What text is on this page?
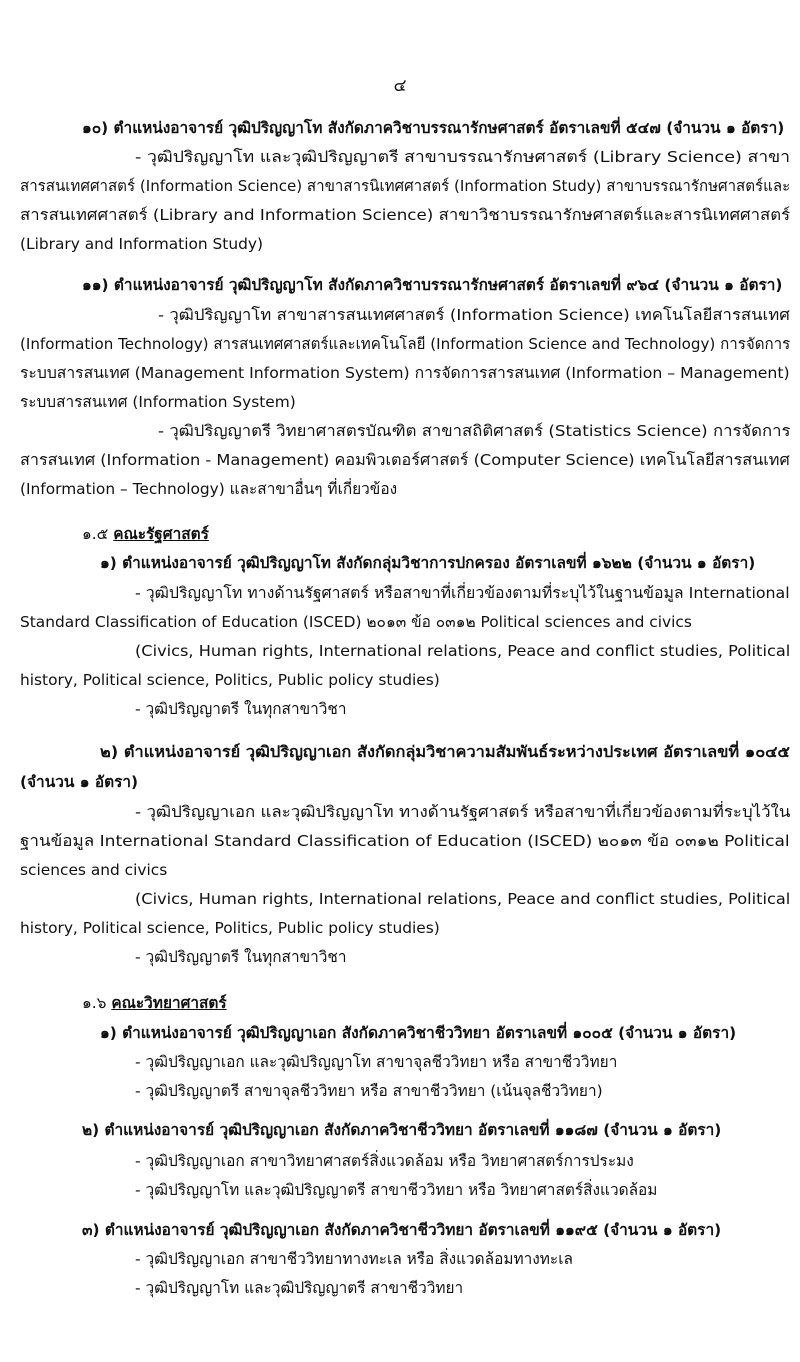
๔
๑๐) ตำแหน่งอาจารย์ วุฒิปริญญาโท สังกัดภาควิชาบรรณารักษศาสตร์ อัตราเลขที่ ๕๔๗ (จำนวน ๑ อัตรา)
- วุฒิปริญญาโท และวุฒิปริญญาตรี สาขาบรรณารักษศาสตร์ (Library Science) สาขา
สารสนเทศศาสตร์ (Information Science) สาขาสารนิเทศศาสตร์ (Information Study) สาขาบรรณารักษศาสตร์และ
สารสนเทศศาสตร์ (Library and Information Science) สาขาวิชาบรรณารักษศาสตร์และสารนิเทศศาสตร์
(Library and Information Study)
๑๑) ตำแหน่งอาจารย์ วุฒิปริญญาโท สังกัดภาควิชาบรรณารักษศาสตร์ อัตราเลขที่ ๙๖๔ (จำนวน ๑ อัตรา)
- วุฒิปริญญาโท สาขาสารสนเทศศาสตร์ (Information Science) เทคโนโลยีสารสนเทศ
(Information Technology) สารสนเทศศาสตร์และเทคโนโลยี (Information Science and Technology) การจัดการ
ระบบสารสนเทศ (Management Information System) การจัดการสารสนเทศ (Information – Management)
ระบบสารสนเทศ (Information System)
- วุฒิปริญญาตรี วิทยาศาสตรบัณฑิต สาขาสถิติศาสตร์ (Statistics Science) การจัดการ
สารสนเทศ (Information - Management) คอมพิวเตอร์ศาสตร์ (Computer Science) เทคโนโลยีสารสนเทศ
(Information – Technology) และสาขาอื่นๆ ที่เกี่ยวข้อง
๑.๕ คณะรัฐศาสตร์
๑) ตำแหน่งอาจารย์ วุฒิปริญญาโท สังกัดกลุ่มวิชาการปกครอง อัตราเลขที่ ๑๖๒๒ (จำนวน ๑ อัตรา)
- วุฒิปริญญาโท ทางด้านรัฐศาสตร์ หรือสาขาที่เกี่ยวข้องตามที่ระบุไว้ในฐานข้อมูล International
Standard Classification of Education (ISCED) ๒๐๑๓ ข้อ ๐๓๑๒ Political sciences and civics
(Civics, Human rights, International relations, Peace and conflict studies, Political
history, Political science, Politics, Public policy studies)
- วุฒิปริญญาตรี ในทุกสาขาวิชา
๒) ตำแหน่งอาจารย์ วุฒิปริญญาเอก สังกัดกลุ่มวิชาความสัมพันธ์ระหว่างประเทศ อัตราเลขที่ ๑๐๔๕
(จำนวน ๑ อัตรา)
- วุฒิปริญญาเอก และวุฒิปริญญาโท ทางด้านรัฐศาสตร์ หรือสาขาที่เกี่ยวข้องตามที่ระบุไว้ใน
ฐานข้อมูล International Standard Classification of Education (ISCED) ๒๐๑๓ ข้อ ๐๓๑๒ Political
sciences and civics
(Civics, Human rights, International relations, Peace and conflict studies, Political
history, Political science, Politics, Public policy studies)
- วุฒิปริญญาตรี ในทุกสาขาวิชา
๑.๖ คณะวิทยาศาสตร์
๑) ตำแหน่งอาจารย์ วุฒิปริญญาเอก สังกัดภาควิชาชีววิทยา อัตราเลขที่ ๑๐๐๕ (จำนวน ๑ อัตรา)
- วุฒิปริญญาเอก และวุฒิปริญญาโท สาขาจุลชีววิทยา หรือ สาขาชีววิทยา
- วุฒิปริญญาตรี สาขาจุลชีววิทยา หรือ สาขาชีววิทยา (เน้นจุลชีววิทยา)
๒) ตำแหน่งอาจารย์ วุฒิปริญญาเอก สังกัดภาควิชาชีววิทยา อัตราเลขที่ ๑๑๘๗ (จำนวน ๑ อัตรา)
- วุฒิปริญญาเอก สาขาวิทยาศาสตร์สิ่งแวดล้อม หรือ วิทยาศาสตร์การประมง
- วุฒิปริญญาโท และวุฒิปริญญาตรี สาขาชีววิทยา หรือ วิทยาศาสตร์สิ่งแวดล้อม
๓) ตำแหน่งอาจารย์ วุฒิปริญญาเอก สังกัดภาควิชาชีววิทยา อัตราเลขที่ ๑๑๙๕ (จำนวน ๑ อัตรา)
- วุฒิปริญญาเอก สาขาชีววิทยาทางทะเล หรือ สิ่งแวดล้อมทางทะเล
- วุฒิปริญญาโท และวุฒิปริญญาตรี สาขาชีววิทยา
